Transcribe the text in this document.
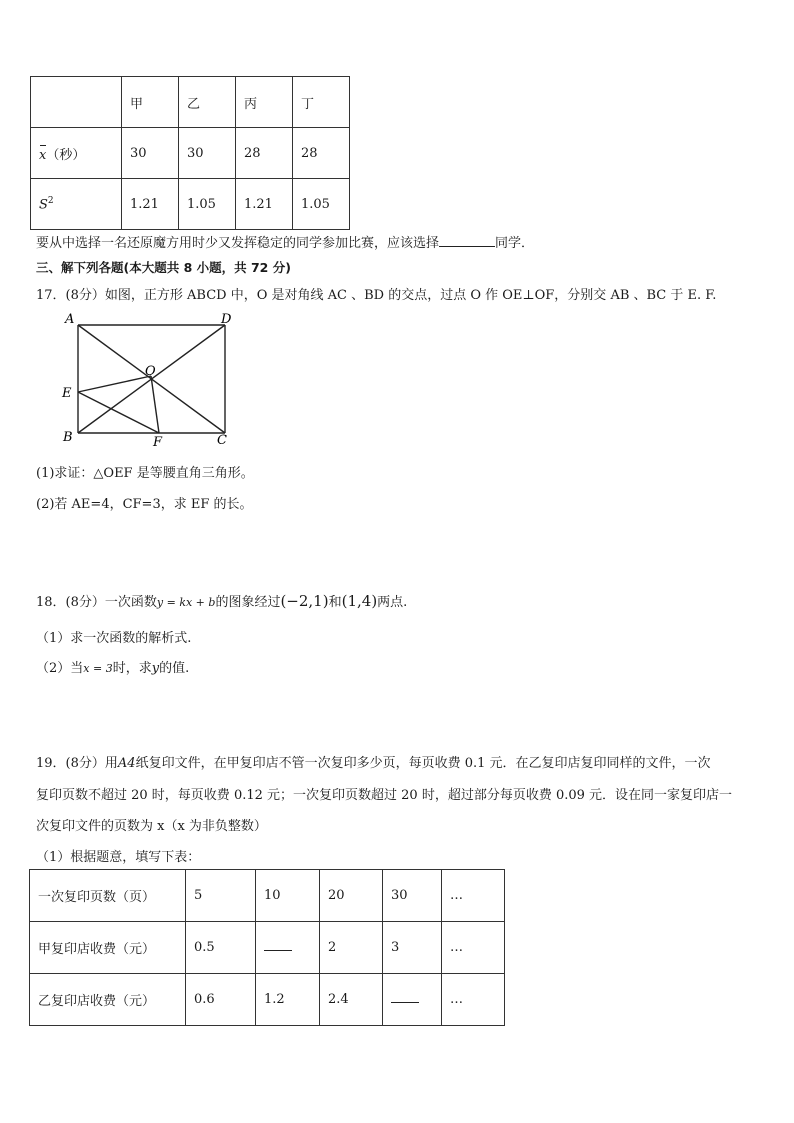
	甲	乙	丙	丁
x（秒）	30	30	28	28
$S^2$	1.21	1.05	1.21	1.05
要从中选择一名还原魔方用时少又发挥稳定的同学参加比赛，应该选择	同学．
三、解下列各题(本大题共 8 小题，共 72 分)
17．(8分）如图，正方形 ABCD 中，O 是对角线 AC 、BD 的交点，过点 O 作 OE⊥OF，分别交 AB 、BC 于 E. F.
A	D
O
E
B	F	C
(1)求证：△OEF 是等腰直角三角形。
(2)若 AE=4，CF=3，求 EF 的长。
18．(8分）一次函数y = kx + b的图象经过(−2,1)和(1,4)两点.
（1）求一次函数的解析式.
（2）当x = 3时，求y的值.
19．(8分）用A4纸复印文件，在甲复印店不管一次复印多少页，每页收费 0.1 元．在乙复印店复印同样的文件，一次
复印页数不超过 20 时，每页收费 0.12 元；一次复印页数超过 20 时，超过部分每页收费 0.09 元．设在同一家复印店一
次复印文件的页数为 x（x 为非负整数）
（1）根据题意，填写下表：
一次复印页数（页）	5	10	20	30	…
甲复印店收费（元）	0.5		2	3	…
乙复印店收费（元）	0.6	1.2	2.4		…
